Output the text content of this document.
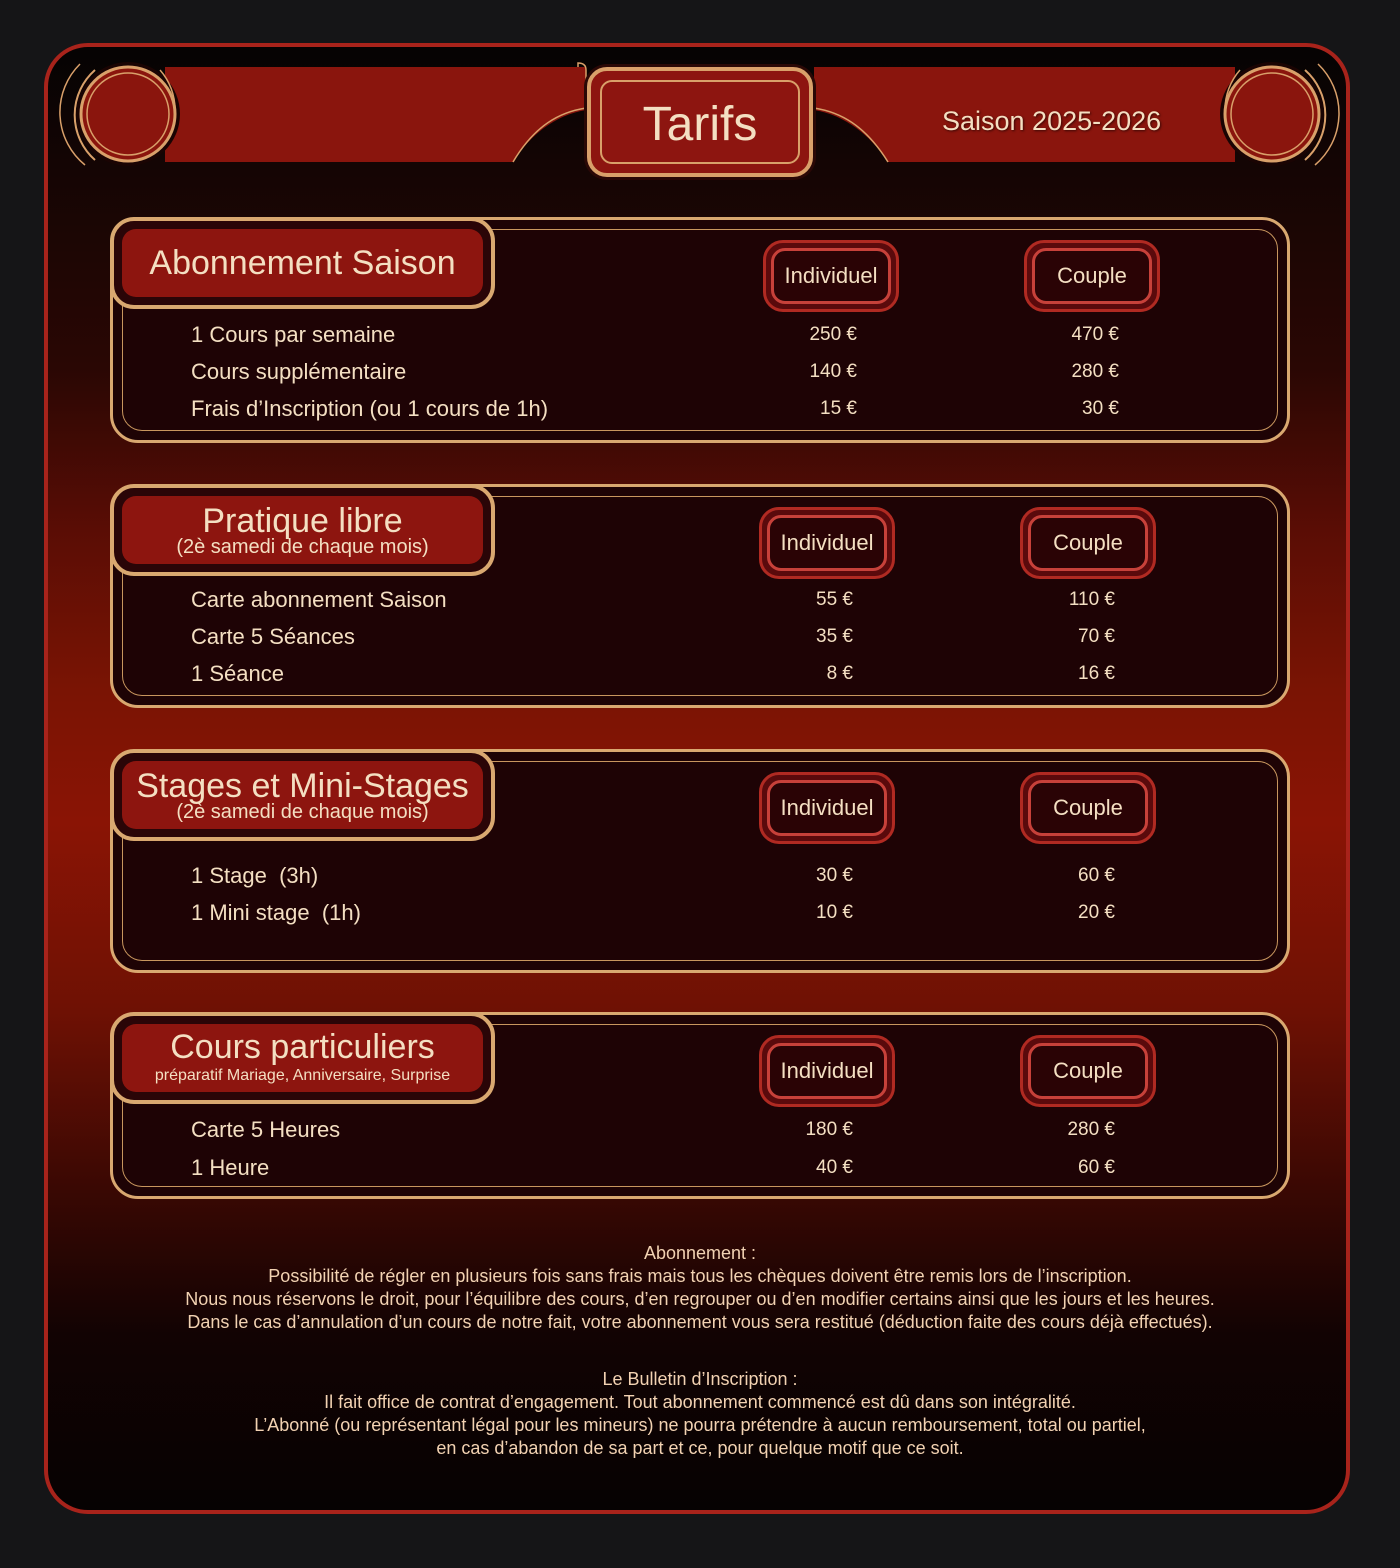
Tarifs	Saison 2025-2026
Abonnement Saison	Individuel	Couple
1 Cours par semaine	250 €	470 €
Cours supplémentaire	140 €	280 €
Frais d’Inscription (ou 1 cours de 1h)	15 €	30 €
Pratique libre
(2è samedi de chaque mois)	Individuel	Couple
Carte abonnement Saison	55 €	110 €
Carte 5 Séances	35 €	70 €
1 Séance	8 €	16 €
Stages et Mini-Stages
(2è samedi de chaque mois)	Individuel	Couple
1 Stage  (3h)	30 €	60 €
1 Mini stage  (1h)	10 €	20 €
Cours particuliers
préparatif Mariage, Anniversaire, Surprise	Individuel	Couple
Carte 5 Heures	180 €	280 €
1 Heure	40 €	60 €
Abonnement :
Possibilité de régler en plusieurs fois sans frais mais tous les chèques doivent être remis lors de l’inscription.
Nous nous réservons le droit, pour l’équilibre des cours, d’en regrouper ou d’en modifier certains ainsi que les jours et les heures.
Dans le cas d’annulation d’un cours de notre fait, votre abonnement vous sera restitué (déduction faite des cours déjà effectués).
Le Bulletin d’Inscription :
Il fait office de contrat d’engagement. Tout abonnement commencé est dû dans son intégralité.
L’Abonné (ou représentant légal pour les mineurs) ne pourra prétendre à aucun remboursement, total ou partiel,
en cas d’abandon de sa part et ce, pour quelque motif que ce soit.
